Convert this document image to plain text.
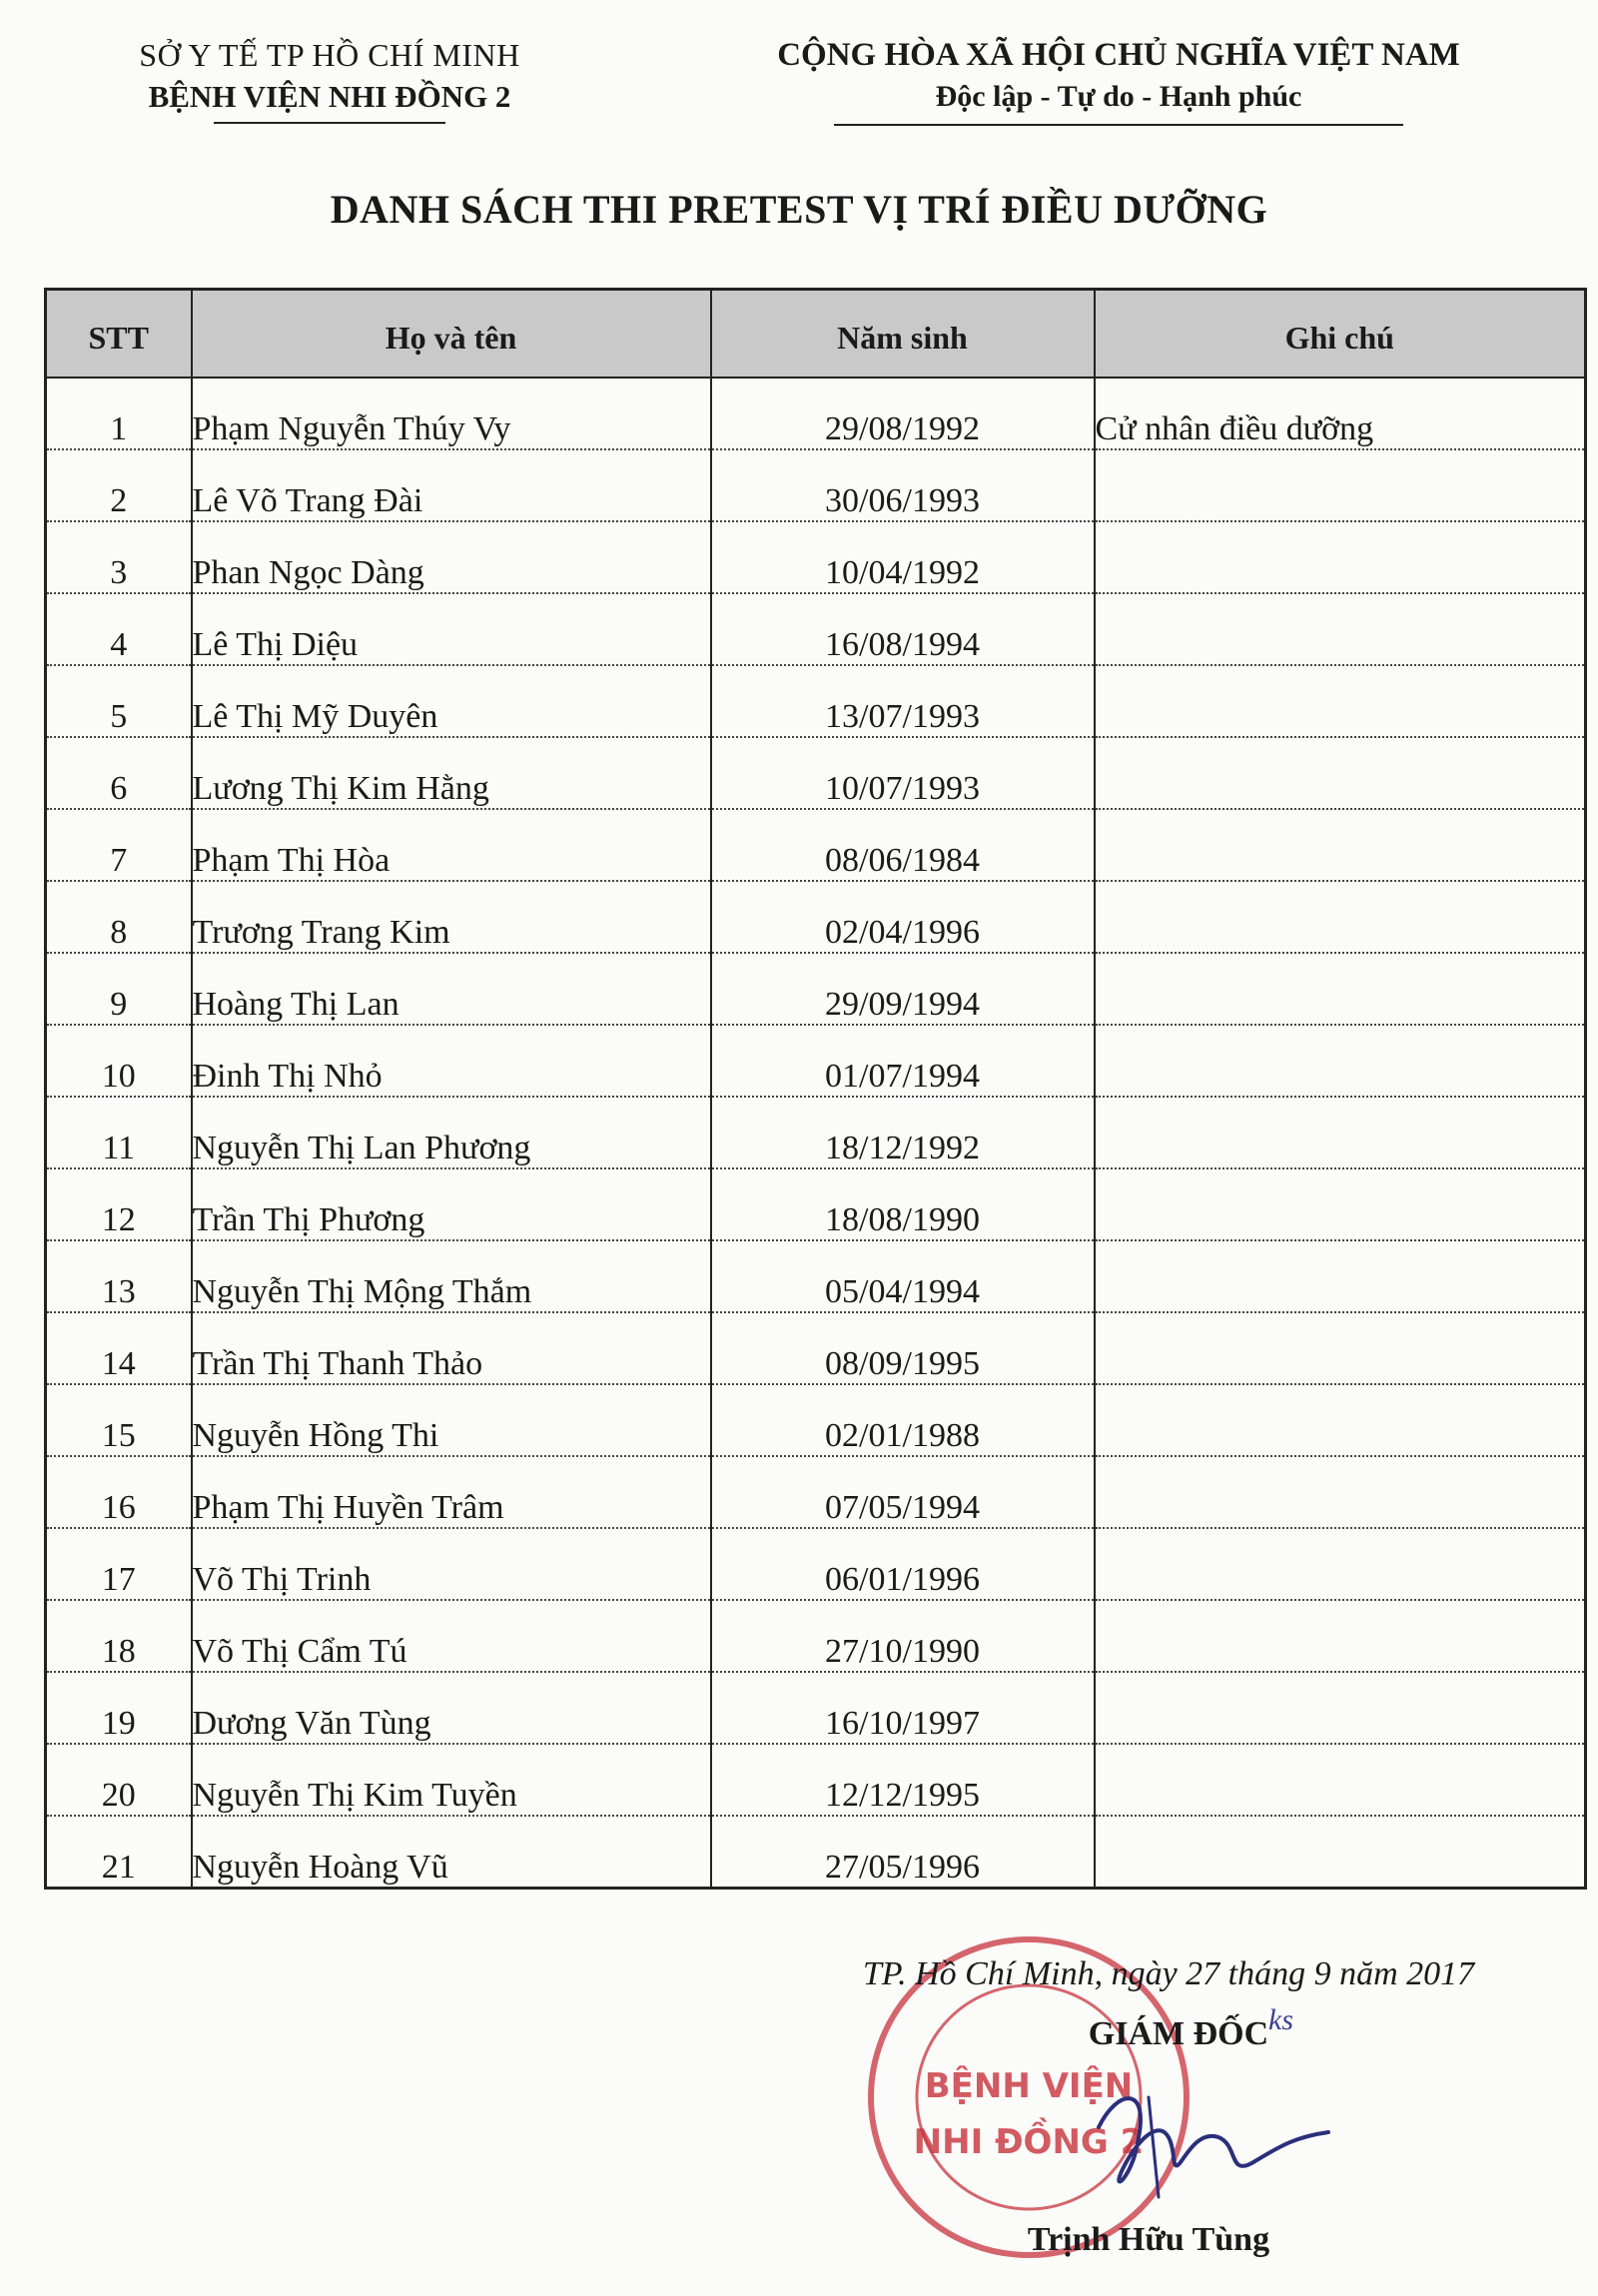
SỞ Y TẾ TP HỒ CHÍ MINH
BỆNH VIỆN NHI ĐỒNG 2
CỘNG HÒA XÃ HỘI CHỦ NGHĨA VIỆT NAM
Độc lập - Tự do - Hạnh phúc
DANH SÁCH THI PRETEST VỊ TRÍ ĐIỀU DƯỠNG
STT	Họ và tên	Năm sinh	Ghi chú
1	Phạm Nguyễn Thúy Vy	29/08/1992	Cử nhân điều dưỡng
2	Lê Võ Trang Đài	30/06/1993	
3	Phan Ngọc Dàng	10/04/1992	
4	Lê Thị Diệu	16/08/1994	
5	Lê Thị Mỹ Duyên	13/07/1993	
6	Lương Thị Kim Hằng	10/07/1993	
7	Phạm Thị Hòa	08/06/1984	
8	Trương Trang Kim	02/04/1996	
9	Hoàng Thị Lan	29/09/1994	
10	Đinh Thị Nhỏ	01/07/1994	
11	Nguyễn Thị Lan Phương	18/12/1992	
12	Trần Thị Phương	18/08/1990	
13	Nguyễn Thị Mộng Thắm	05/04/1994	
14	Trần Thị Thanh Thảo	08/09/1995	
15	Nguyễn Hồng Thi	02/01/1988	
16	Phạm Thị Huyền Trâm	07/05/1994	
17	Võ Thị Trinh	06/01/1996	
18	Võ Thị Cẩm Tú	27/10/1990	
19	Dương Văn Tùng	16/10/1997	
20	Nguyễn Thị Kim Tuyền	12/12/1995	
21	Nguyễn Hoàng Vũ	27/05/1996	
BỆNH VIỆN
NHI ĐỒNG 2
TP. Hồ Chí Minh, ngày 27 tháng 9 năm 2017
GIÁM ĐỐC ks
Trịnh Hữu Tùng
